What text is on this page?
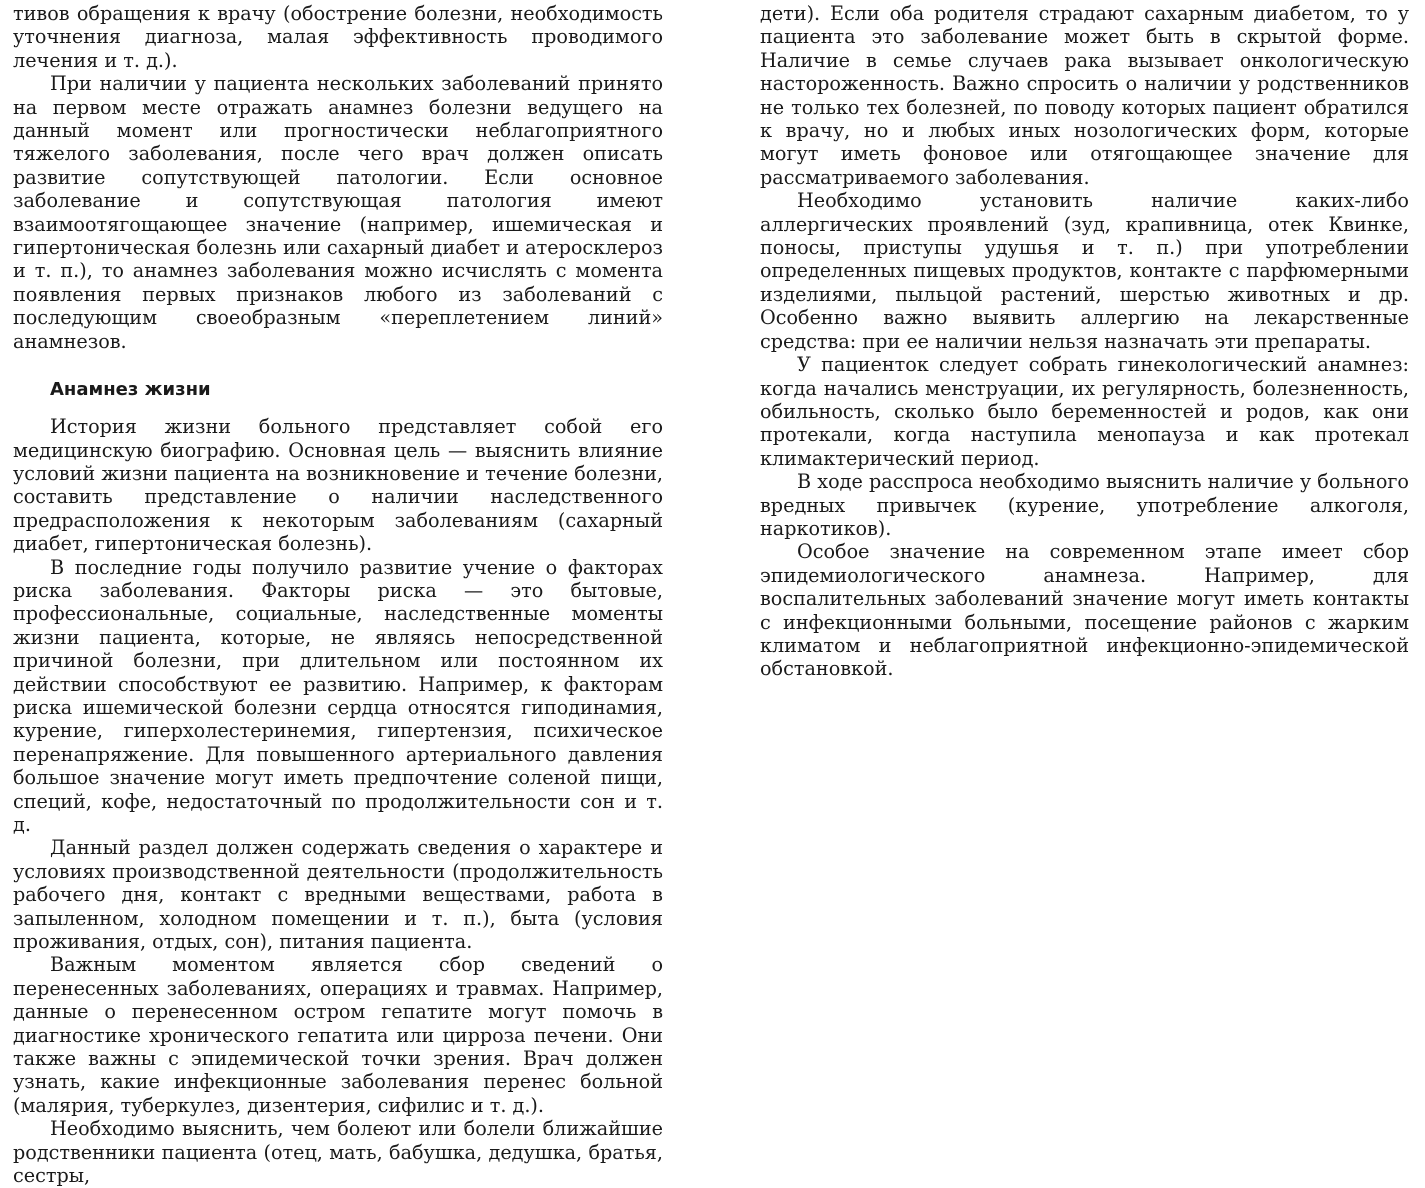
тивов обращения к врачу (обострение болезни, необходимость уточнения диагноза, малая эффективность проводимого лечения и т. д.).

При наличии у пациента нескольких заболеваний принято на первом месте отражать анамнез болезни ведущего на данный момент или прогностически неблагоприятного тяжелого заболевания, после чего врач должен описать развитие сопутствующей патологии. Если основное заболевание и сопутствующая патология имеют взаимоотягощающее значение (например, ишемическая и гипертоническая болезнь или сахарный диабет и атеросклероз и т. п.), то анамнез заболевания можно исчислять с момента появления первых признаков любого из заболеваний с последующим своеобразным «переплетением линий» анамнезов.

Анамнез жизни

История жизни больного представляет собой его медицинскую биографию. Основная цель — выяснить влияние условий жизни пациента на возникновение и течение болезни, составить представление о наличии наследственного предрасположения к некоторым заболеваниям (сахарный диабет, гипертоническая болезнь).

В последние годы получило развитие учение о факторах риска заболевания. Факторы риска — это бытовые, профессиональные, социальные, наследственные моменты жизни пациента, которые, не являясь непосредственной причиной болезни, при длительном или постоянном их действии способствуют ее развитию. Например, к факторам риска ишемической болезни сердца относятся гиподинамия, курение, гиперхолестеринемия, гипертензия, психическое перенапряжение. Для повышенного артериального давления большое значение могут иметь предпочтение соленой пищи, специй, кофе, недостаточный по продолжительности сон и т. д.

Данный раздел должен содержать сведения о характере и условиях производственной деятельности (продолжительность рабочего дня, контакт с вредными веществами, работа в запыленном, холодном помещении и т. п.), быта (условия проживания, отдых, сон), питания пациента.

Важным моментом является сбор сведений о перенесенных заболеваниях, операциях и травмах. Например, данные о перенесенном остром гепатите могут помочь в диагностике хронического гепатита или цирроза печени. Они также важны с эпидемической точки зрения. Врач должен узнать, какие инфекционные заболевания перенес больной (малярия, туберкулез, дизентерия, сифилис и т. д.).

Необходимо выяснить, чем болеют или болели ближайшие родственники пациента (отец, мать, бабушка, дедушка, братья, сестры,

дети). Если оба родителя страдают сахарным диабетом, то у пациента это заболевание может быть в скрытой форме. Наличие в семье случаев рака вызывает онкологическую настороженность. Важно спросить о наличии у родственников не только тех болезней, по поводу которых пациент обратился к врачу, но и любых иных нозологических форм, которые могут иметь фоновое или отягощающее значение для рассматриваемого заболевания.

Необходимо установить наличие каких-либо аллергических проявлений (зуд, крапивница, отек Квинке, поносы, приступы удушья и т. п.) при употреблении определенных пищевых продуктов, контакте с парфюмерными изделиями, пыльцой растений, шерстью животных и др. Особенно важно выявить аллергию на лекарственные средства: при ее наличии нельзя назначать эти препараты.

У пациенток следует собрать гинекологический анамнез: когда начались менструации, их регулярность, болезненность, обильность, сколько было беременностей и родов, как они протекали, когда наступила менопауза и как протекал климактерический период.

В ходе расспроса необходимо выяснить наличие у больного вредных привычек (курение, употребление алкоголя, наркотиков).

Особое значение на современном этапе имеет сбор эпидемиологического анамнеза. Например, для воспалительных заболеваний значение могут иметь контакты с инфекционными больными, посещение районов с жарким климатом и неблагоприятной инфекционно-эпидемической обстановкой.
